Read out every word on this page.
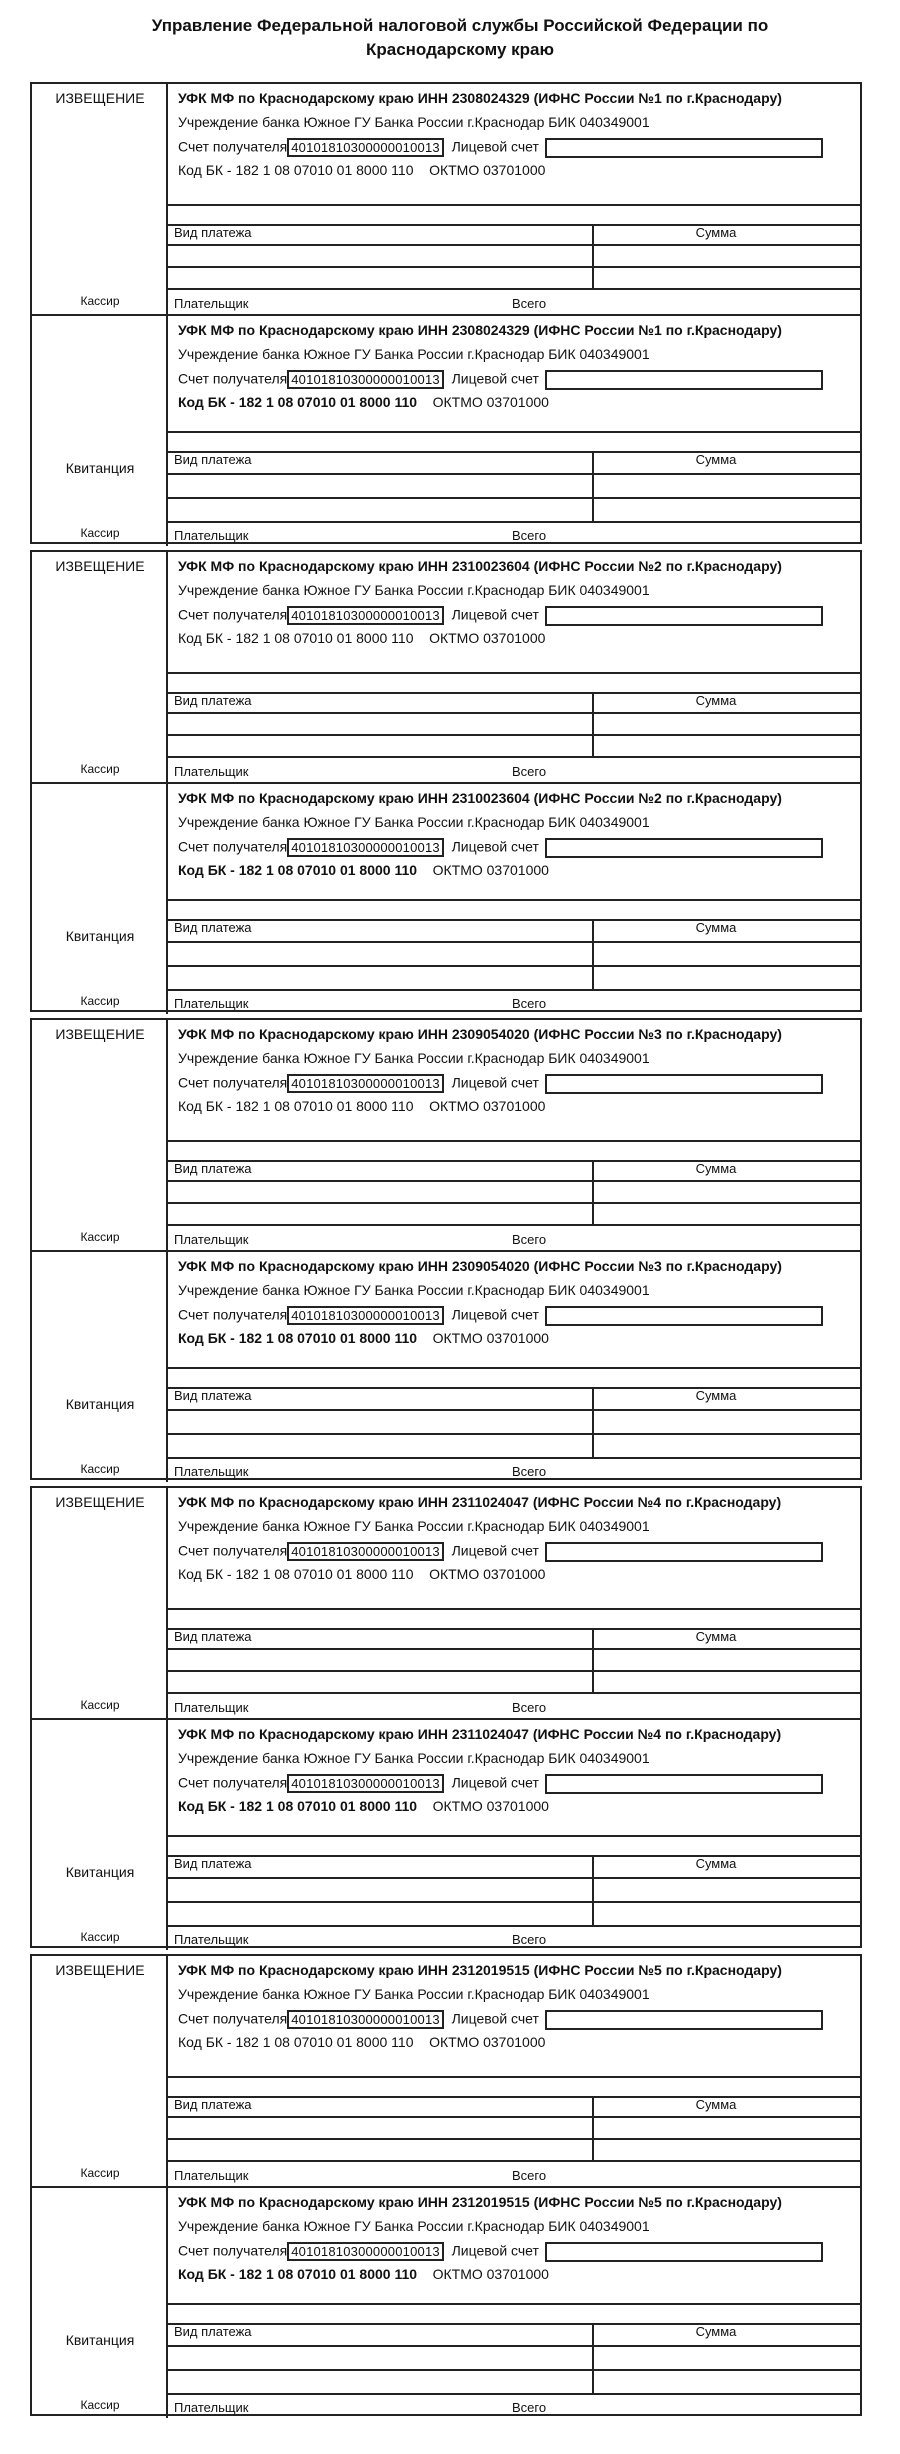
Управление Федеральной налоговой службы Российской Федерации по
Краснодарскому краю
ИЗВЕЩЕНИЕ
Кассир
УФК МФ по Краснодарскому краю ИНН 2308024329 (ИФНС России №1 по г.Краснодару)
Учреждение банка Южное ГУ Банка России г.Краснодар БИК 040349001
Счет получателя 40101810300000010013 Лицевой счет
Код БК - 182 1 08 07010 01 8000 110 ОКТМО 03701000
Вид платежа	Сумма
Плательщик	Всего
Квитанция
Кассир
УФК МФ по Краснодарскому краю ИНН 2308024329 (ИФНС России №1 по г.Краснодару)
Учреждение банка Южное ГУ Банка России г.Краснодар БИК 040349001
Счет получателя 40101810300000010013 Лицевой счет
Код БК - 182 1 08 07010 01 8000 110 ОКТМО 03701000
Вид платежа	Сумма
Плательщик	Всего
ИЗВЕЩЕНИЕ
Кассир
УФК МФ по Краснодарскому краю ИНН 2310023604 (ИФНС России №2 по г.Краснодару)
Учреждение банка Южное ГУ Банка России г.Краснодар БИК 040349001
Счет получателя 40101810300000010013 Лицевой счет
Код БК - 182 1 08 07010 01 8000 110 ОКТМО 03701000
Вид платежа	Сумма
Плательщик	Всего
Квитанция
Кассир
УФК МФ по Краснодарскому краю ИНН 2310023604 (ИФНС России №2 по г.Краснодару)
Учреждение банка Южное ГУ Банка России г.Краснодар БИК 040349001
Счет получателя 40101810300000010013 Лицевой счет
Код БК - 182 1 08 07010 01 8000 110 ОКТМО 03701000
Вид платежа	Сумма
Плательщик	Всего
ИЗВЕЩЕНИЕ
Кассир
УФК МФ по Краснодарскому краю ИНН 2309054020 (ИФНС России №3 по г.Краснодару)
Учреждение банка Южное ГУ Банка России г.Краснодар БИК 040349001
Счет получателя 40101810300000010013 Лицевой счет
Код БК - 182 1 08 07010 01 8000 110 ОКТМО 03701000
Вид платежа	Сумма
Плательщик	Всего
Квитанция
Кассир
УФК МФ по Краснодарскому краю ИНН 2309054020 (ИФНС России №3 по г.Краснодару)
Учреждение банка Южное ГУ Банка России г.Краснодар БИК 040349001
Счет получателя 40101810300000010013 Лицевой счет
Код БК - 182 1 08 07010 01 8000 110 ОКТМО 03701000
Вид платежа	Сумма
Плательщик	Всего
ИЗВЕЩЕНИЕ
Кассир
УФК МФ по Краснодарскому краю ИНН 2311024047 (ИФНС России №4 по г.Краснодару)
Учреждение банка Южное ГУ Банка России г.Краснодар БИК 040349001
Счет получателя 40101810300000010013 Лицевой счет
Код БК - 182 1 08 07010 01 8000 110 ОКТМО 03701000
Вид платежа	Сумма
Плательщик	Всего
Квитанция
Кассир
УФК МФ по Краснодарскому краю ИНН 2311024047 (ИФНС России №4 по г.Краснодару)
Учреждение банка Южное ГУ Банка России г.Краснодар БИК 040349001
Счет получателя 40101810300000010013 Лицевой счет
Код БК - 182 1 08 07010 01 8000 110 ОКТМО 03701000
Вид платежа	Сумма
Плательщик	Всего
ИЗВЕЩЕНИЕ
Кассир
УФК МФ по Краснодарскому краю ИНН 2312019515 (ИФНС России №5 по г.Краснодару)
Учреждение банка Южное ГУ Банка России г.Краснодар БИК 040349001
Счет получателя 40101810300000010013 Лицевой счет
Код БК - 182 1 08 07010 01 8000 110 ОКТМО 03701000
Вид платежа	Сумма
Плательщик	Всего
Квитанция
Кассир
УФК МФ по Краснодарскому краю ИНН 2312019515 (ИФНС России №5 по г.Краснодару)
Учреждение банка Южное ГУ Банка России г.Краснодар БИК 040349001
Счет получателя 40101810300000010013 Лицевой счет
Код БК - 182 1 08 07010 01 8000 110 ОКТМО 03701000
Вид платежа	Сумма
Плательщик	Всего
